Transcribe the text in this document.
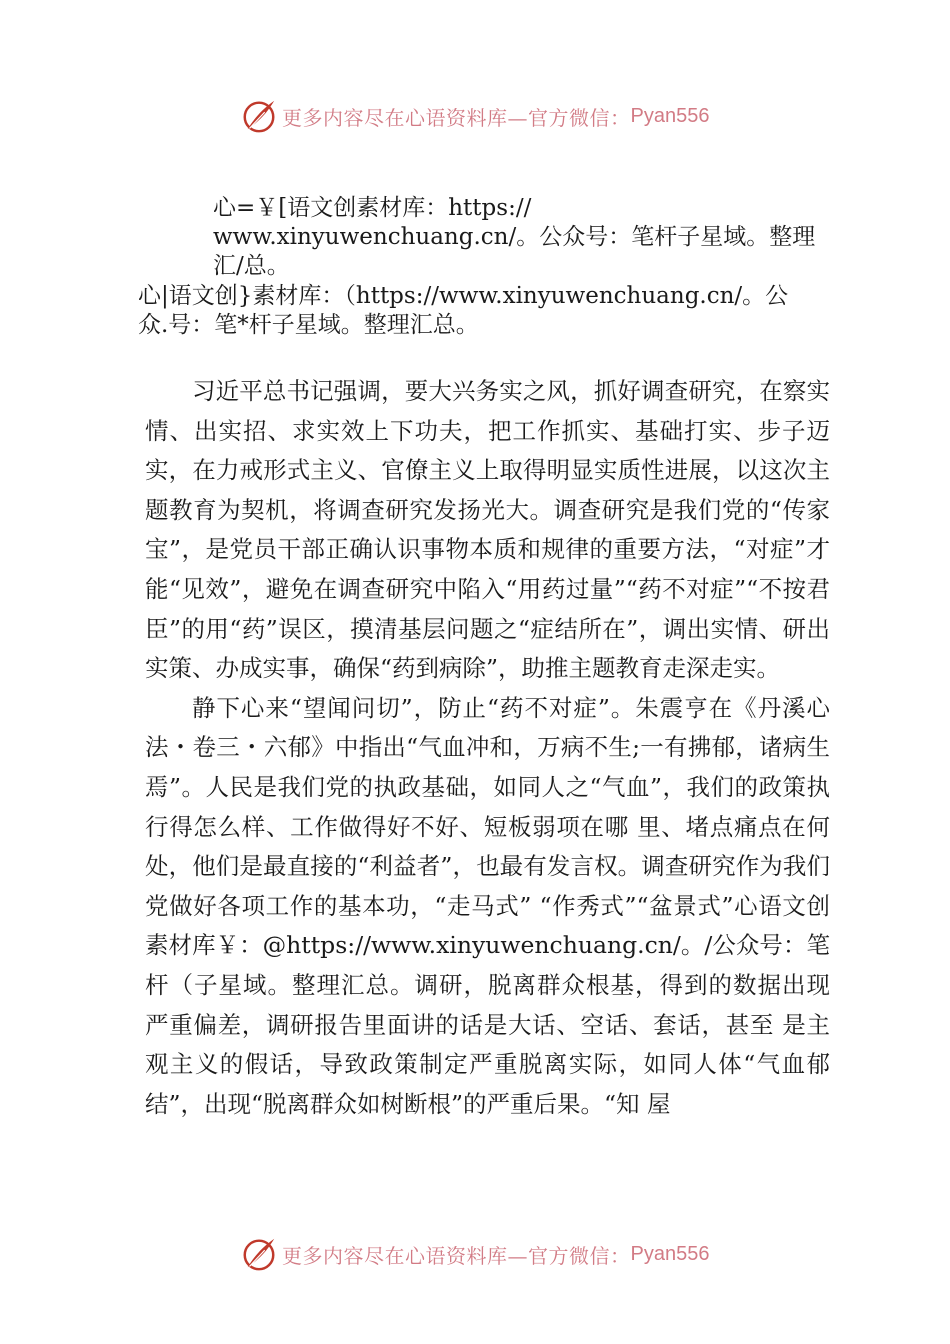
更多内容尽在心语资料库—官方微信： Pyan556
心=￥[语文创素材库：https://
www.xinyuwenchuang.cn/。公众号：笔杆子星域。整理
汇/总。
心|语文创}素材库：（https://www.xinyuwenchuang.cn/。公
众.号：笔*杆子星域。整理汇总。

习近平总书记强调，要大兴务实之风，抓好调查研究，在察实情、出实招、求实效上下功夫，把工作抓实、基础打实、步子迈实，在力戒形式主义、官僚主义上取得明显实质性进展，以这次主题教育为契机，将调查研究发扬光大。调查研究是我们党的“传家宝”，是党员干部正确认识事物本质和规律的重要方法，“对症”才能“见效”，避免在调查研究中陷入“用药过量”“药不对症”“不按君臣”的用“药”误区，摸清基层问题之“症结所在”，调出实情、研出实策、办成实事，确保“药到病除”，助推主题教育走深走实。

静下心来“望闻问切”，防止“药不对症”。朱震亨在《丹溪心法・卷三・六郁》中指出“气血冲和，万病不生;一有拂郁，诸病生焉”。人民是我们党的执政基础，如同人之“气血”，我们的政策执行得怎么样、工作做得好不好、短板弱项在哪 里、堵点痛点在何处，他们是最直接的“利益者”，也最有发言权。调查研究作为我们党做好各项工作的基本功，“走马式” “作秀式”“盆景式”心语文创素材库￥：@https://www.xinyuwenchuang.cn/。/公众号：笔杆（子星域。整理汇总。调研，脱离群众根基，得到的数据出现 严重偏差，调研报告里面讲的话是大话、空话、套话，甚至 是主观主义的假话，导致政策制定严重脱离实际，如同人体“气血郁结”，出现“脱离群众如树断根”的严重后果。“知 屋

更多内容尽在心语资料库—官方微信： Pyan556
